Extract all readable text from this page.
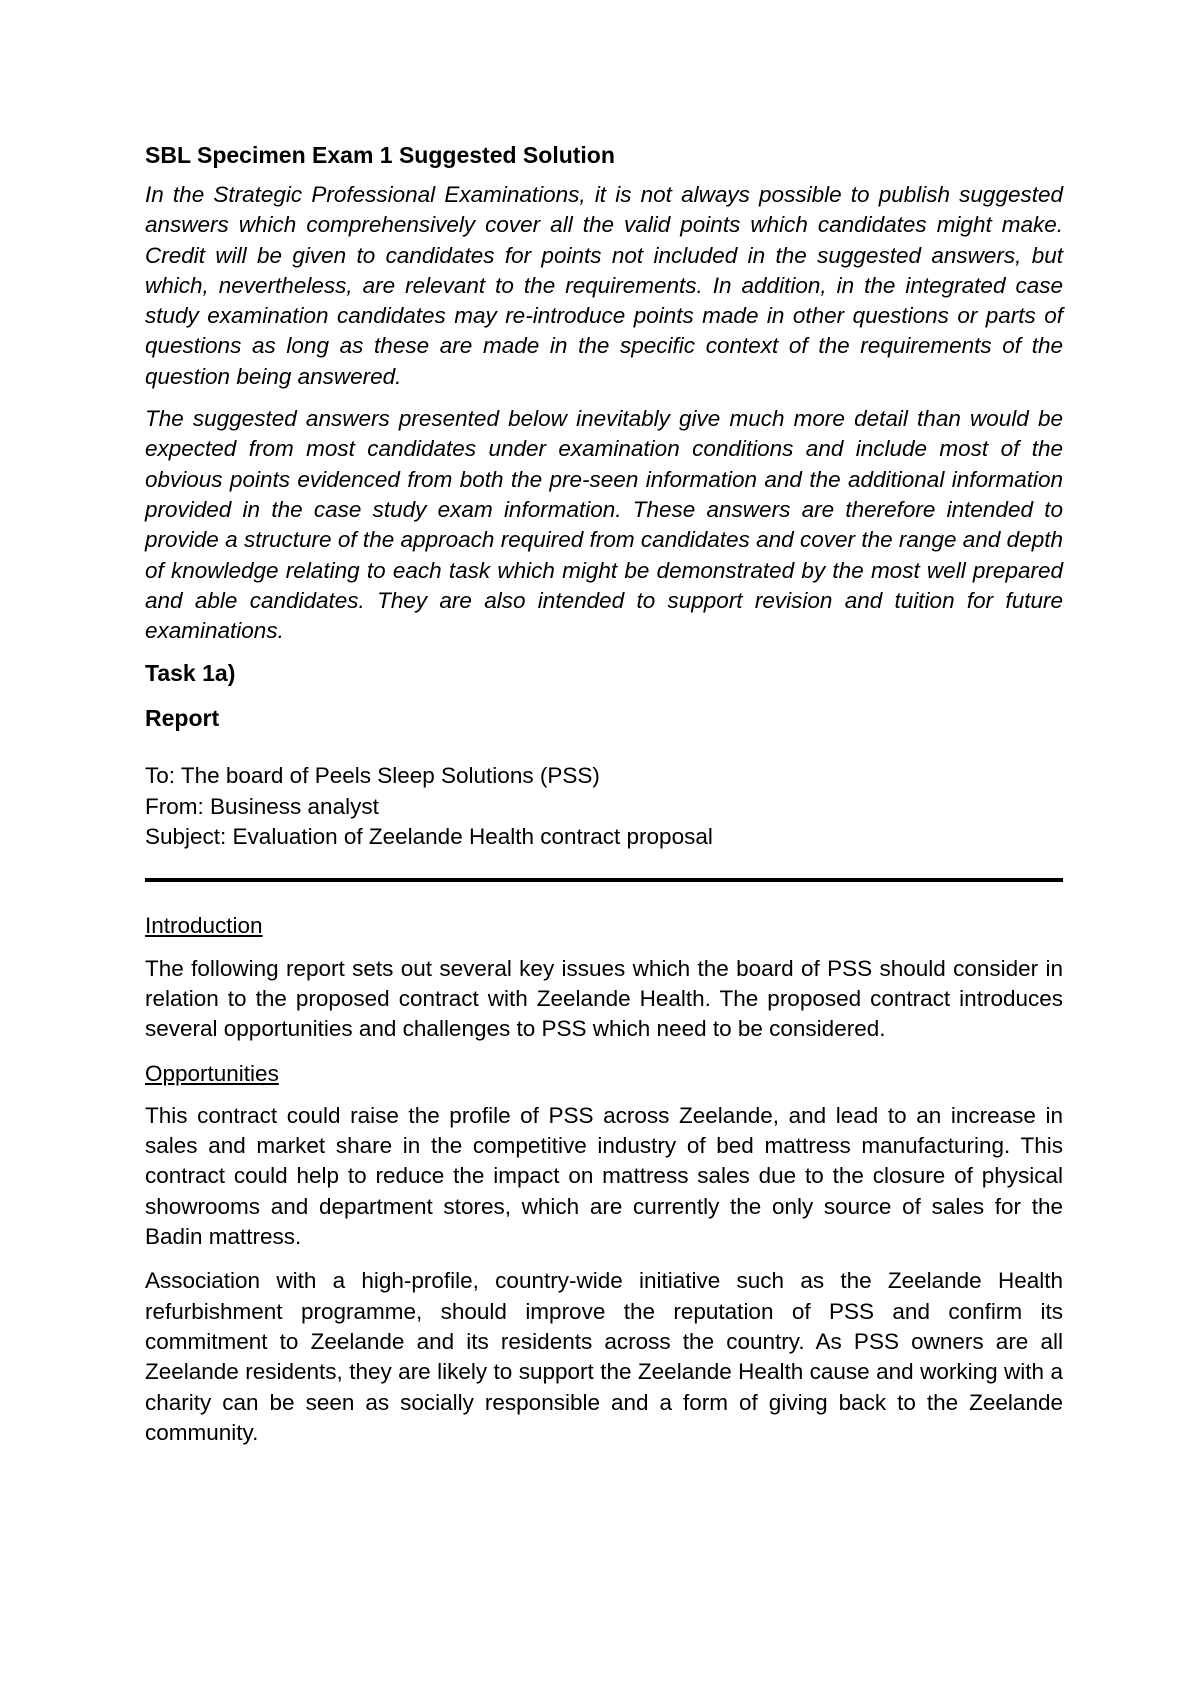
SBL Specimen Exam 1 Suggested Solution

In the Strategic Professional Examinations, it is not always possible to publish suggested answers which comprehensively cover all the valid points which candidates might make. Credit will be given to candidates for points not included in the suggested answers, but which, nevertheless, are relevant to the requirements. In addition, in the integrated case study examination candidates may re-introduce points made in other questions or parts of questions as long as these are made in the specific context of the requirements of the question being answered.

The suggested answers presented below inevitably give much more detail than would be expected from most candidates under examination conditions and include most of the obvious points evidenced from both the pre-seen information and the additional information provided in the case study exam information. These answers are therefore intended to provide a structure of the approach required from candidates and cover the range and depth of knowledge relating to each task which might be demonstrated by the most well prepared and able candidates. They are also intended to support revision and tuition for future examinations.

Task 1a)
Report
To: The board of Peels Sleep Solutions (PSS)
From: Business analyst
Subject: Evaluation of Zeelande Health contract proposal
Introduction

The following report sets out several key issues which the board of PSS should consider in relation to the proposed contract with Zeelande Health. The proposed contract introduces several opportunities and challenges to PSS which need to be considered.

Opportunities

This contract could raise the profile of PSS across Zeelande, and lead to an increase in sales and market share in the competitive industry of bed mattress manufacturing. This contract could help to reduce the impact on mattress sales due to the closure of physical showrooms and department stores, which are currently the only source of sales for the Badin mattress.

Association with a high-profile, country-wide initiative such as the Zeelande Health refurbishment programme, should improve the reputation of PSS and confirm its commitment to Zeelande and its residents across the country. As PSS owners are all Zeelande residents, they are likely to support the Zeelande Health cause and working with a charity can be seen as socially responsible and a form of giving back to the Zeelande community.
